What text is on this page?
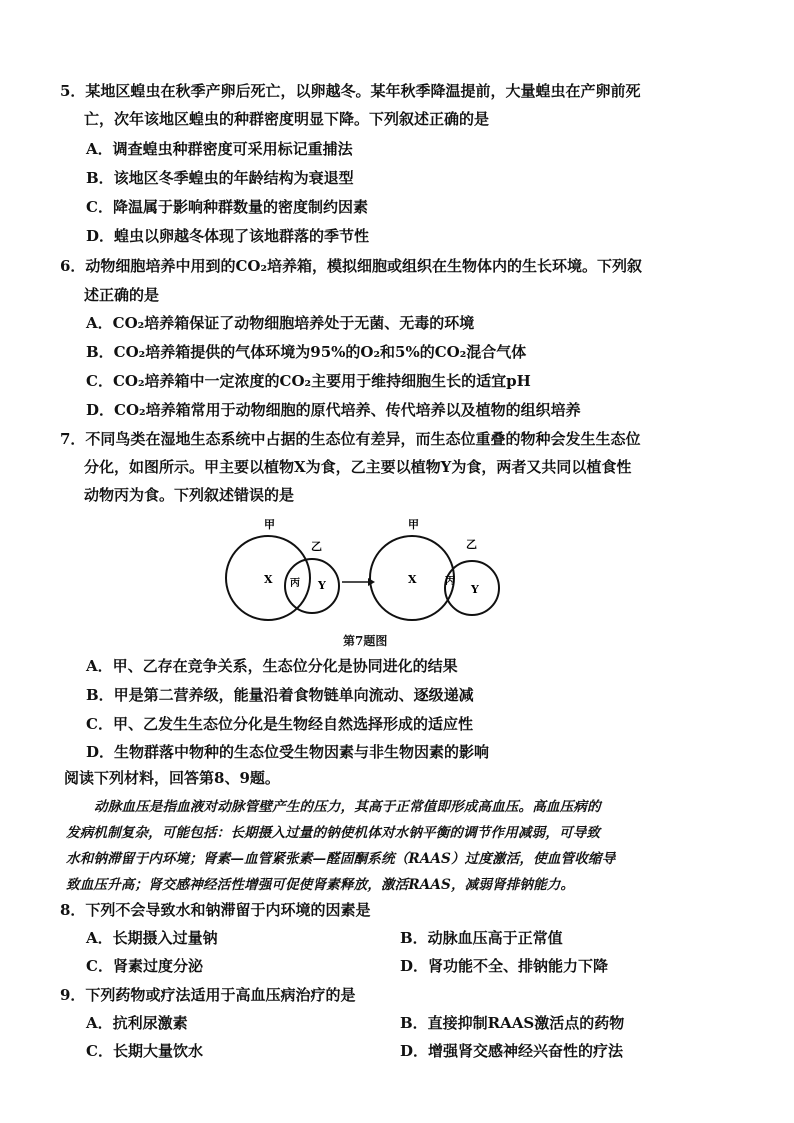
5．某地区蝗虫在秋季产卵后死亡，以卵越冬。某年秋季降温提前，大量蝗虫在产卵前死
亡，次年该地区蝗虫的种群密度明显下降。下列叙述正确的是
A．调查蝗虫种群密度可采用标记重捕法
B．该地区冬季蝗虫的年龄结构为衰退型
C．降温属于影响种群数量的密度制约因素
D．蝗虫以卵越冬体现了该地群落的季节性
6．动物细胞培养中用到的CO₂培养箱，模拟细胞或组织在生物体内的生长环境。下列叙
述正确的是
A．CO₂培养箱保证了动物细胞培养处于无菌、无毒的环境
B．CO₂培养箱提供的气体环境为95%的O₂和5%的CO₂混合气体
C．CO₂培养箱中一定浓度的CO₂主要用于维持细胞生长的适宜pH
D．CO₂培养箱常用于动物细胞的原代培养、传代培养以及植物的组织培养
7．不同鸟类在湿地生态系统中占据的生态位有差异，而生态位重叠的物种会发生生态位
分化，如图所示。甲主要以植物X为食，乙主要以植物Y为食，两者又共同以植食性
动物丙为食。下列叙述错误的是
甲
乙
X 丙 Y
甲
乙
X	丙
Y
第7题图
A．甲、乙存在竞争关系，生态位分化是协同进化的结果
B．甲是第二营养级，能量沿着食物链单向流动、逐级递减
C．甲、乙发生生态位分化是生物经自然选择形成的适应性
D．生物群落中物种的生态位受生物因素与非生物因素的影响
阅读下列材料，回答第8、9题。
动脉血压是指血液对动脉管壁产生的压力，其高于正常值即形成高血压。高血压病的
发病机制复杂，可能包括：长期摄入过量的钠使机体对水钠平衡的调节作用减弱，可导致
水和钠滞留于内环境；肾素—血管紧张素—醛固酮系统（RAAS）过度激活，使血管收缩导
致血压升高；肾交感神经活性增强可促使肾素释放，激活RAAS，减弱肾排钠能力。
8．下列不会导致水和钠滞留于内环境的因素是
A．长期摄入过量钠	B．动脉血压高于正常值
C．肾素过度分泌	D．肾功能不全、排钠能力下降
9．下列药物或疗法适用于高血压病治疗的是
A．抗利尿激素	B．直接抑制RAAS激活点的药物
C．长期大量饮水	D．增强肾交感神经兴奋性的疗法
